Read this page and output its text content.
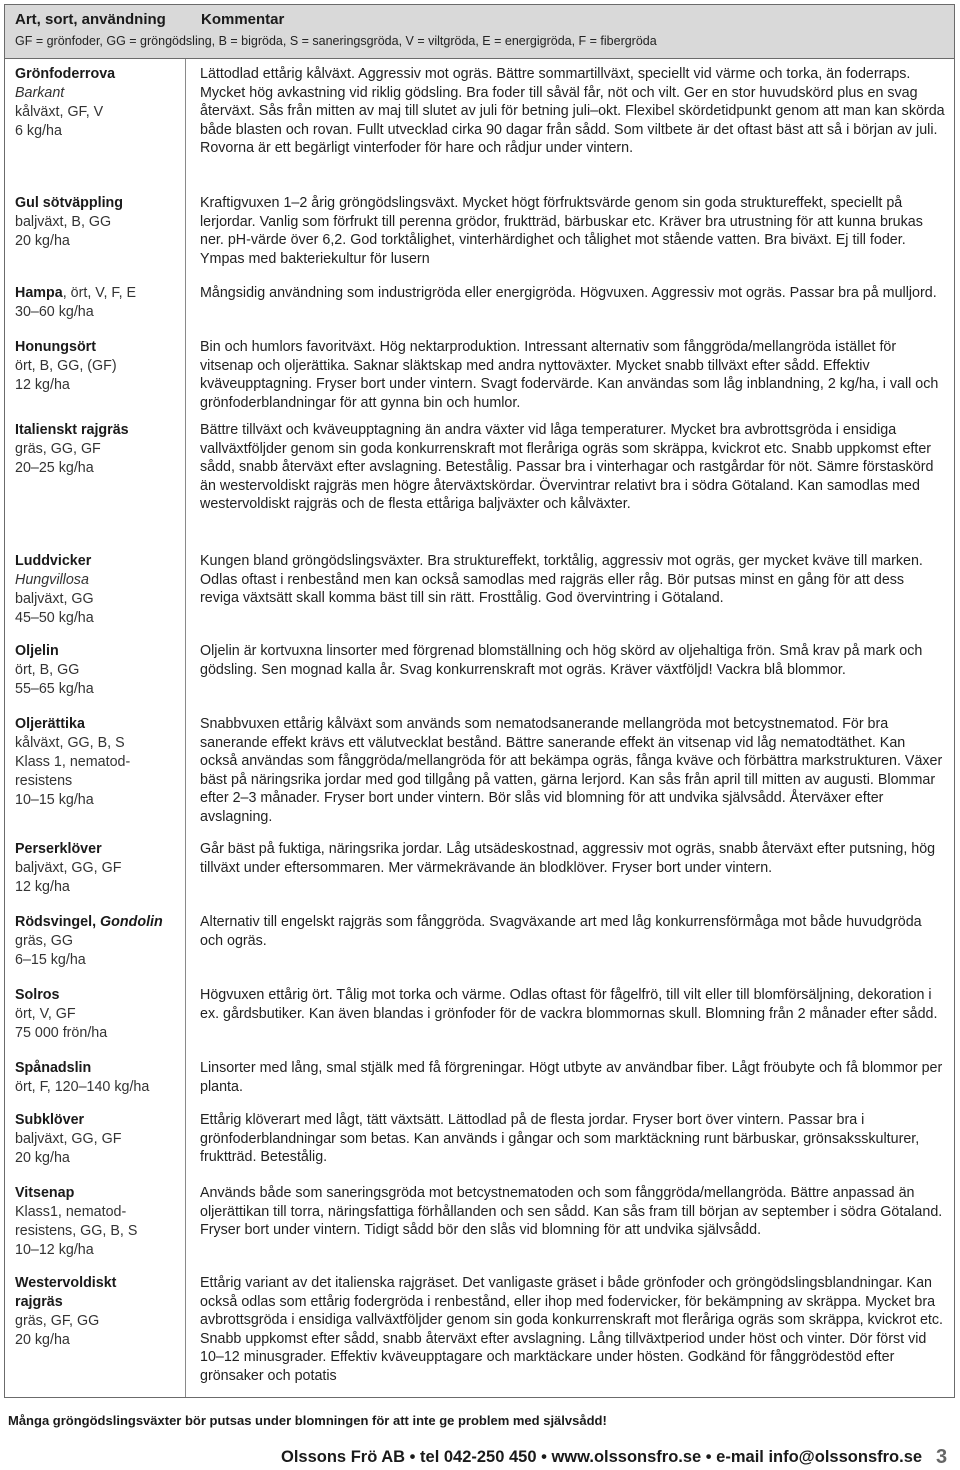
Art, sort, användning Kommentar
GF = grönfoder, GG = gröngödsling, B = bigröda, S = saneringsgröda, V = viltgröda, E = energigröda, F = fibergröda
Grönfoderrova
Barkant
kålväxt, GF, V
6 kg/ha
Lättodlad ettårig kålväxt. Aggressiv mot ogräs. Bättre sommartillväxt, speciellt vid värme och torka, än foderraps. Mycket hög avkastning vid riklig gödsling. Bra foder till såväl får, nöt och vilt. Ger en stor huvudskörd plus en svag återväxt. Sås från mitten av maj till slutet av juli för betning juli–okt. Flexibel skördetidpunkt genom att man kan skörda både blasten och rovan. Fullt utvecklad cirka 90 dagar från sådd. Som viltbete är det oftast bäst att så i början av juli. Rovorna är ett begärligt vinterfoder för hare och rådjur under vintern.
Gul sötväppling
baljväxt, B, GG
20 kg/ha
Kraftigvuxen 1–2 årig gröngödslingsväxt. Mycket högt förfruktsvärde genom sin goda struktureffekt, speciellt på lerjordar. Vanlig som förfrukt till perenna grödor, fruktträd, bärbuskar etc. Kräver bra utrustning för att kunna brukas ner. pH-värde över 6,2. God torktålighet, vinterhärdighet och tålighet mot stående vatten. Bra biväxt. Ej till foder. Ympas med bakteriekultur för lusern
Hampa, ört, V, F, E
30–60 kg/ha
Mångsidig användning som industrigröda eller energigröda. Högvuxen. Aggressiv mot ogräs. Passar bra på mulljord.
Honungsört
ört, B, GG, (GF)
12 kg/ha
Bin och humlors favoritväxt. Hög nektarproduktion. Intressant alternativ som fånggröda/mellangröda istället för vitsenap och oljerättika. Saknar släktskap med andra nyttoväxter. Mycket snabb tillväxt efter sådd. Effektiv kväveupptagning. Fryser bort under vintern. Svagt fodervärde. Kan användas som låg inblandning, 2 kg/ha, i vall och grönfoderblandningar för att gynna bin och humlor.
Italienskt rajgräs
gräs, GG, GF
20–25 kg/ha
Bättre tillväxt och kväveupptagning än andra växter vid låga temperaturer. Mycket bra avbrottsgröda i ensidiga vallväxtföljder genom sin goda konkurrenskraft mot fleråriga ogräs som skräppa, kvickrot etc. Snabb uppkomst efter sådd, snabb återväxt efter avslagning. Betestålig. Passar bra i vinterhagar och rastgårdar för nöt. Sämre förstaskörd än westervoldiskt rajgräs men högre återväxtskördar. Övervintrar relativt bra i södra Götaland. Kan samodlas med westervoldiskt rajgräs och de flesta ettåriga baljväxter och kålväxter.
Luddvicker
Hungvillosa
baljväxt, GG
45–50 kg/ha
Kungen bland gröngödslingsväxter. Bra struktureffekt, torktålig, aggressiv mot ogräs, ger mycket kväve till marken. Odlas oftast i renbestånd men kan också samodlas med rajgräs eller råg. Bör putsas minst en gång för att dess reviga växtsätt skall komma bäst till sin rätt. Frosttålig. God övervintring i Götaland.
Oljelin
ört, B, GG
55–65 kg/ha
Oljelin är kortvuxna linsorter med förgrenad blomställning och hög skörd av oljehaltiga frön. Små krav på mark och gödsling. Sen mognad kalla år. Svag konkurrenskraft mot ogräs. Kräver växtföljd! Vackra blå blommor.
Oljerättika
kålväxt, GG, B, S
Klass 1, nematod-
resistens
10–15 kg/ha
Snabbvuxen ettårig kålväxt som används som nematodsanerande mellangröda mot betcystnematod. För bra sanerande effekt krävs ett välutvecklat bestånd. Bättre sanerande effekt än vitsenap vid låg nematodtäthet. Kan också användas som fånggröda/mellangröda för att bekämpa ogräs, fånga kväve och förbättra markstrukturen. Växer bäst på näringsrika jordar med god tillgång på vatten, gärna lerjord. Kan sås från april till mitten av augusti. Blommar efter 2–3 månader. Fryser bort under vintern. Bör slås vid blomning för att undvika självsådd. Återväxer efter avslagning.
Perserklöver
baljväxt, GG, GF
12 kg/ha
Går bäst på fuktiga, näringsrika jordar. Låg utsädeskostnad, aggressiv mot ogräs, snabb återväxt efter putsning, hög tillväxt under eftersommaren. Mer värmekrävande än blodklöver. Fryser bort under vintern.
Rödsvingel, Gondolin
gräs, GG
6–15 kg/ha
Alternativ till engelskt rajgräs som fånggröda. Svagväxande art med låg konkurrensförmåga mot både huvudgröda och ogräs.
Solros
ört, V, GF
75 000 frön/ha
Högvuxen ettårig ört. Tålig mot torka och värme. Odlas oftast för fågelfrö, till vilt eller till blomförsäljning, dekoration i ex. gårdsbutiker. Kan även blandas i grönfoder för de vackra blommornas skull. Blomning från 2 månader efter sådd.
Spånadslin
ört, F, 120–140 kg/ha
Linsorter med lång, smal stjälk med få förgreningar. Högt utbyte av användbar fiber. Lågt fröubyte och få blommor per planta.
Subklöver
baljväxt, GG, GF
20 kg/ha
Ettårig klöverart med lågt, tätt växtsätt. Lättodlad på de flesta jordar. Fryser bort över vintern. Passar bra i grönfoderblandningar som betas. Kan används i gångar och som marktäckning runt bärbuskar, grönsaksskulturer, fruktträd. Betestålig.
Vitsenap
Klass1, nematod-
resistens, GG, B, S
10–12 kg/ha
Används både som saneringsgröda mot betcystnematoden och som fånggröda/mellangröda. Bättre anpassad än oljerättikan till torra, näringsfattiga förhållanden och sen sådd. Kan sås fram till början av september i södra Götaland. Fryser bort under vintern. Tidigt sådd bör den slås vid blomning för att undvika självsådd.
Westervoldiskt
rajgräs
gräs, GF, GG
20 kg/ha
Ettårig variant av det italienska rajgräset. Det vanligaste gräset i både grönfoder och gröngödslingsblandningar. Kan också odlas som ettårig fodergröda i renbestånd, eller ihop med fodervicker, för bekämpning av skräppa. Mycket bra avbrottsgröda i ensidiga vallväxtföljder genom sin goda konkurrenskraft mot fleråriga ogräs som skräppa, kvickrot etc. Snabb uppkomst efter sådd, snabb återväxt efter avslagning. Lång tillväxtperiod under höst och vinter. Dör först vid 10–12 minusgrader. Effektiv kväveupptagare och marktäckare under hösten. Godkänd för fånggrödestöd efter grönsaker och potatis
Många gröngödslingsväxter bör putsas under blomningen för att inte ge problem med självsådd!
Olssons Frö AB • tel 042-250 450 • www.olssonsfro.se • e-mail info@olssonsfro.se 3
